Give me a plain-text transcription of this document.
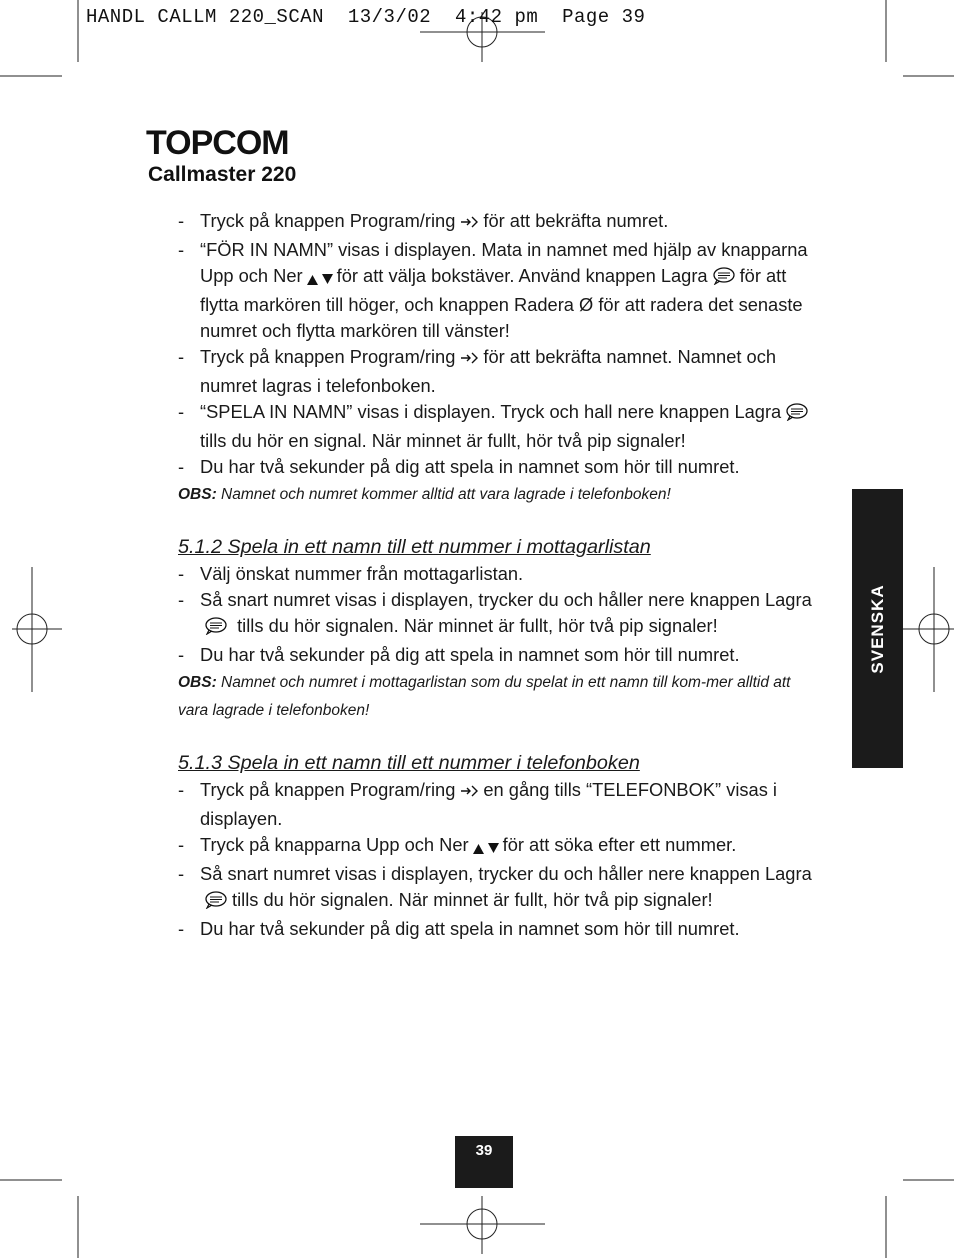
HANDL CALLM 220_SCAN  13/3/02  4:42 pm  Page 39
TOPCOM
Callmaster 220
- Tryck på knappen Program/ring för att bekräfta numret.
- “FÖR IN NAMN” visas i displayen. Mata in namnet med hjälp av knapparna Upp och Ner för att välja bokstäver. Använd knappen Lagra för att flytta markören till höger, och knappen Radera Ø för att radera det senaste numret och flytta markören till vänster!
- Tryck på knappen Program/ring för att bekräfta namnet. Namnet och numret lagras i telefonboken.
- “SPELA IN NAMN” visas i displayen. Tryck och hall nere knappen Lagratills du hör en signal. När minnet är fullt, hör två pip signaler!
- Du har två sekunder på dig att spela in namnet som hör till numret.
OBS: Namnet och numret kommer alltid att vara lagrade i telefonboken!
5.1.2 Spela in ett namn till ett nummer i mottagarlistan
- Välj önskat nummer från mottagarlistan.
- Så snart numret visas i displayen, trycker du och håller nere knappen Lagra tills du hör signalen. När minnet är fullt, hör två pip signaler!
- Du har två sekunder på dig att spela in namnet som hör till numret.
OBS: Namnet och numret i mottagarlistan som du spelat in ett namn till kom-mer alltid att vara lagrade i telefonboken!
5.1.3 Spela in ett namn till ett nummer i telefonboken
- Tryck på knappen Program/ring en gång tills “TELEFONBOK” visas i displayen.
- Tryck på knapparna Upp och Ner för att söka efter ett nummer.
- Så snart numret visas i displayen, trycker du och håller nere knappen Lagratills du hör signalen. När minnet är fullt, hör två pip signaler!
- Du har två sekunder på dig att spela in namnet som hör till numret.
SVENSKA
39
